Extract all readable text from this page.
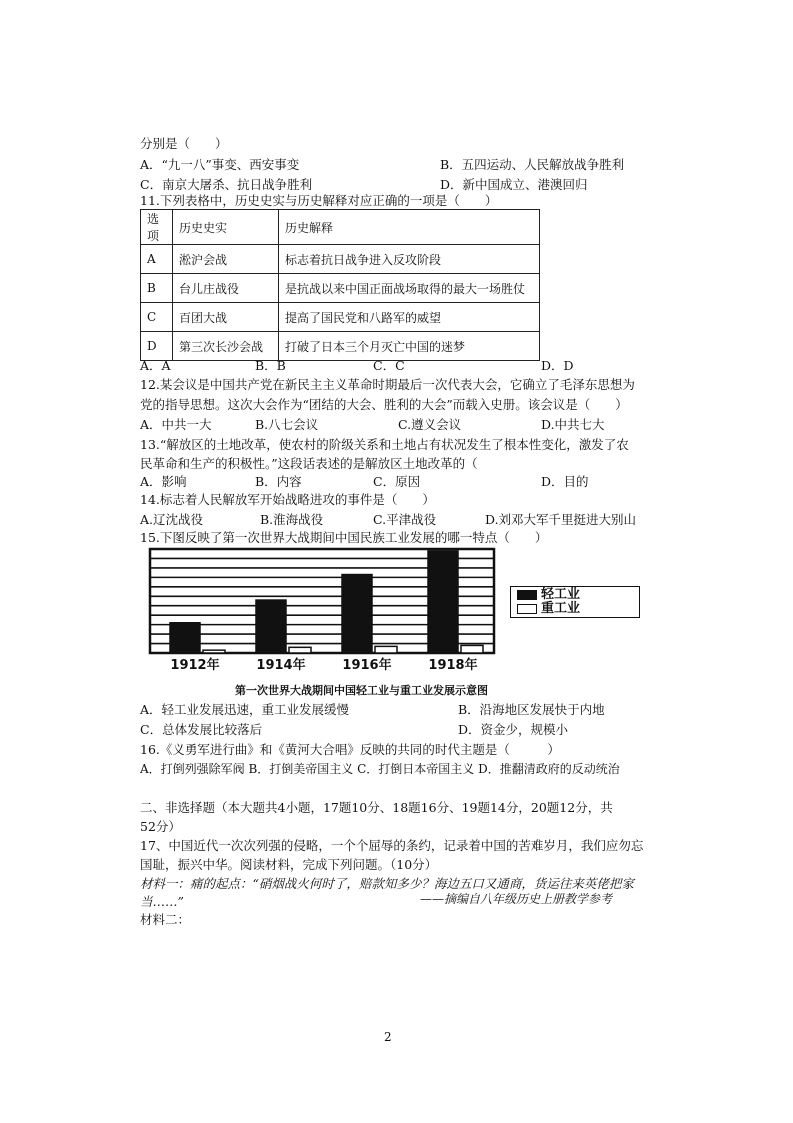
分别是（　　）
A．“九一八”事变、西安事变	B．五四运动、人民解放战争胜利
C．南京大屠杀、抗日战争胜利	D．新中国成立、港澳回归
11.下列表格中，历史史实与历史解释对应正确的一项是（　　）
选项	历史史实	历史解释
A	淞沪会战	标志着抗日战争进入反攻阶段
B	台儿庄战役	是抗战以来中国正面战场取得的最大一场胜仗
C	百团大战	提高了国民党和八路军的威望
D	第三次长沙会战	打破了日本三个月灭亡中国的迷梦
A．A	B．B	C．C	D．D
12.某会议是中国共产党在新民主主义革命时期最后一次代表大会，它确立了毛泽东思想为
党的指导思想。这次大会作为“团结的大会、胜利的大会”而载入史册。该会议是（　　）
A．中共一大	B.八七会议	C.遵义会议	D.中共七大
13.“解放区的土地改革，使农村的阶级关系和土地占有状况发生了根本性变化，激发了农
民革命和生产的积极性。”这段话表述的是解放区土地改革的（
A．影响	B．内容	C．原因	D．目的
14.标志着人民解放军开始战略进攻的事件是（　　）
A.辽沈战役	B.淮海战役	C.平津战役	D.刘邓大军千里挺进大别山
15.下图反映了第一次世界大战期间中国民族工业发展的哪一特点（　　）
1912年	1914年	1916年	1918年
轻工业
重工业
第一次世界大战期间中国轻工业与重工业发展示意图
A．轻工业发展迅速，重工业发展缓慢	B．沿海地区发展快于内地
C．总体发展比较落后	D．资金少，规模小
16.《义勇军进行曲》和《黄河大合唱》反映的共同的时代主题是（　　　）
A．打倒列强除军阀 B．打倒美帝国主义 C．打倒日本帝国主义 D．推翻清政府的反动统治
二、非选择题（本大题共4小题，17题10分、18题16分、19题14分，20题12分，共
52分）
17、中国近代一次次列强的侵略，一个个屈辱的条约，记录着中国的苦难岁月，我们应勿忘
国耻，振兴中华。阅读材料，完成下列问题。（10分）
材料一：痛的起点：“硝烟战火何时了，赔款知多少？海边五口又通商，货运往来英佬把家
当……”	——摘编自八年级历史上册教学参考
材料二：
2
